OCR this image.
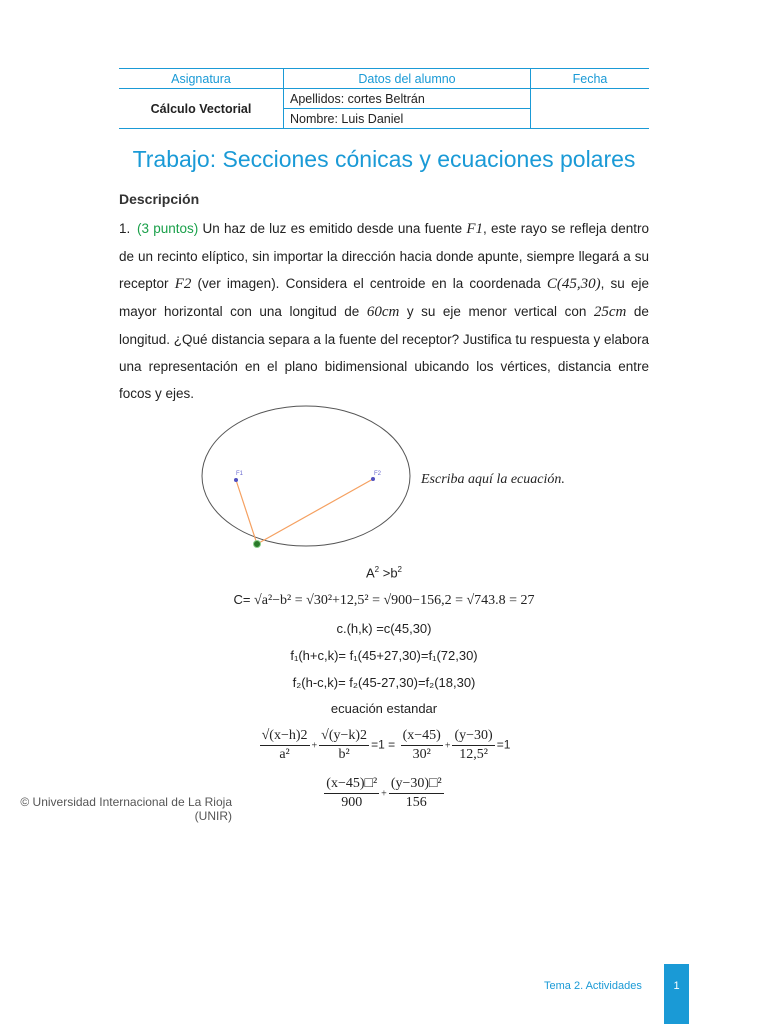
Asignatura	Datos del alumno	Fecha
Cálculo Vectorial	Apellidos: cortes Beltrán	
	Nombre: Luis Daniel	
Trabajo: Secciones cónicas y ecuaciones polares
Descripción
1. (3 puntos) Un haz de luz es emitido desde una fuente F1, este rayo se refleja dentro de un recinto elíptico, sin importar la dirección hacia donde apunte, siempre llegará a su receptor F2 (ver imagen). Considera el centroide en la coordenada C(45,30), su eje mayor horizontal con una longitud de 60cm y su eje menor vertical con 25cm de longitud. ¿Qué distancia separa a la fuente del receptor? Justifica tu respuesta y elabora una representación en el plano bidimensional ubicando los vértices, distancia entre focos y ejes.
F1	F2	Escriba aquí la ecuación.
$A^2 >b^2$
C= √a²−b² = √30²+12,5² = √900−156,2 = √743.8 = 27
c.(h,k) =c(45,30)
f₁(h+c,k)= f₁(45+27,30)=f₁(72,30)
f₂(h-c,k)= f₂(45-27,30)=f₂(18,30)
ecuación estandar
$\frac{√(x-h)2}{\text{a²}} + \frac{√(y-k)2}{\text{b²}} =1 = \frac{(x-45)}{\text{30²}} + \frac{(y-30)}{\text{12,5²}} =1$
$\frac{\text{(x−45)□²}}{900} + \frac{\text{(y−30)□²}}{156}$
© Universidad Internacional de La Rioja
(UNIR)
Tema 2. Actividades	1
